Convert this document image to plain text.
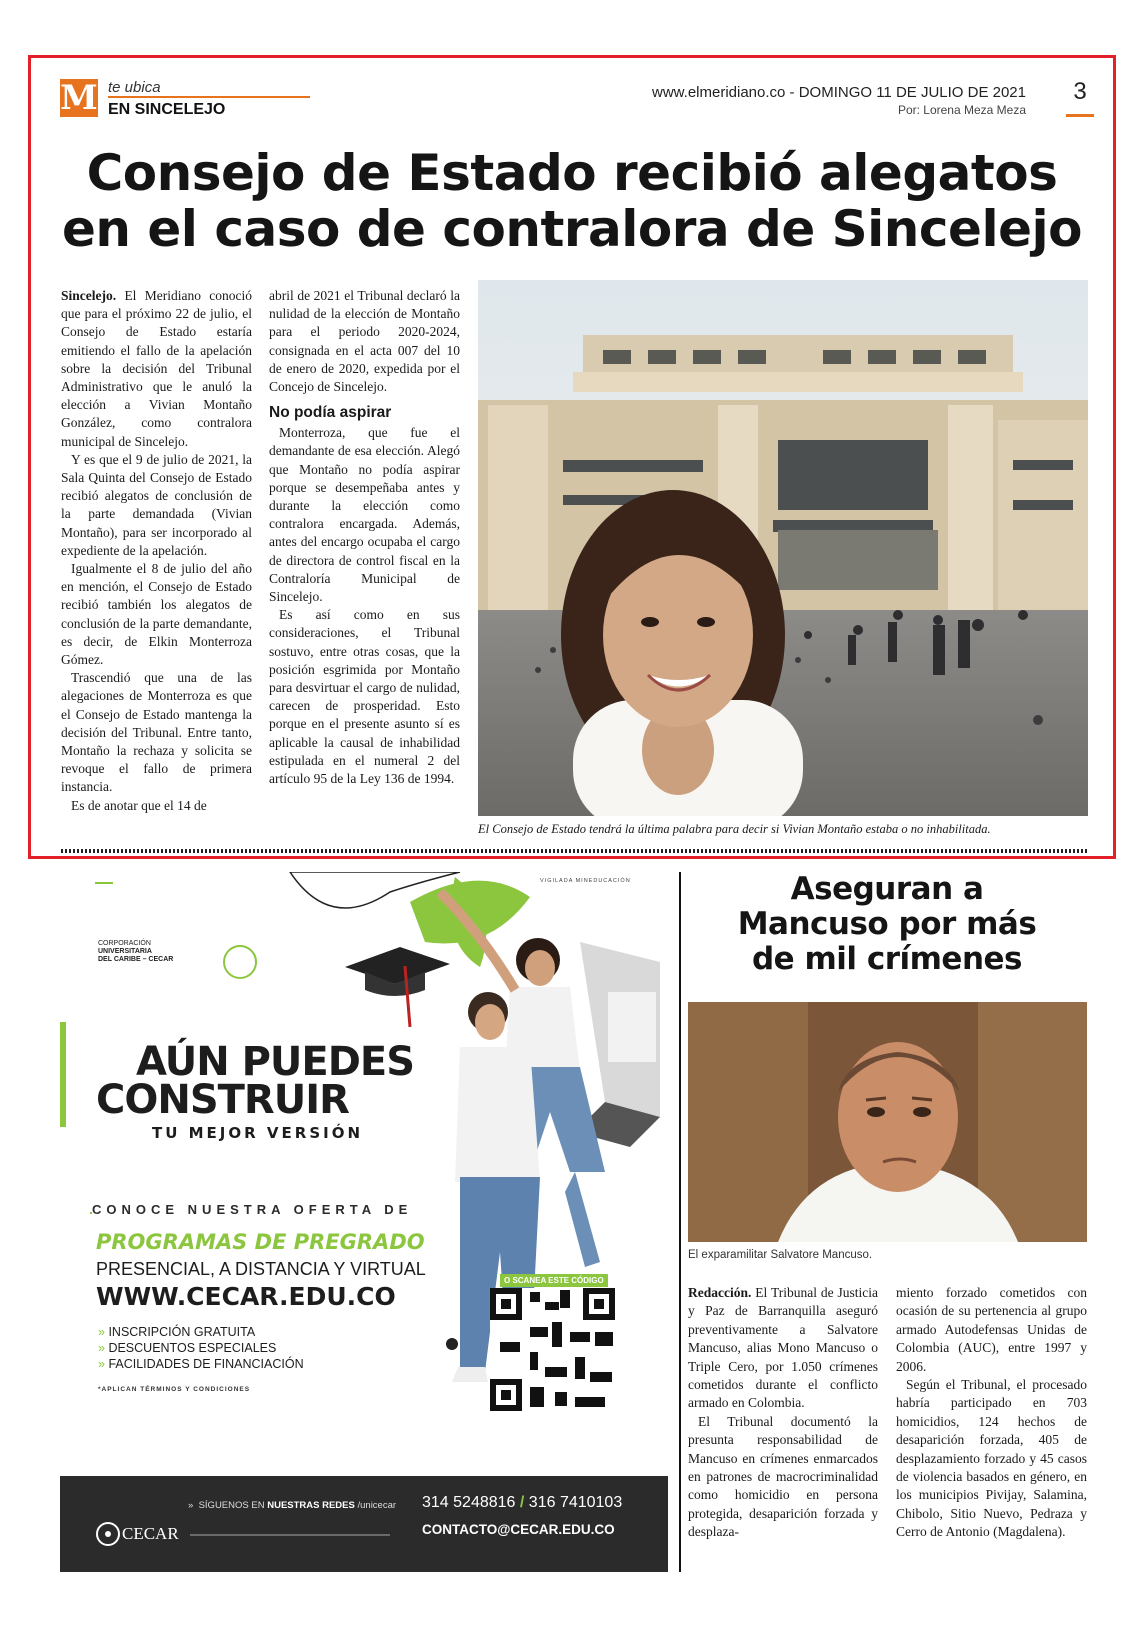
M te ubica
EN SINCELEJO
www.elmeridiano.co - DOMINGO 11 DE JULIO DE 2021
Por: Lorena Meza Meza
3
Consejo de Estado recibió alegatos
en el caso de contralora de Sincelejo

Sincelejo. El Meridiano conoció que para el próximo 22 de julio, el Consejo de Estado estaría emitiendo el fallo de la apelación sobre la decisión del Tribunal Administrativo que le anuló la elección a Vivian Montaño González, como contralora municipal de Sincelejo.

Y es que el 9 de julio de 2021, la Sala Quinta del Consejo de Estado recibió alegatos de conclusión de la parte demandada (Vivian Montaño), para ser incorporado al expediente de la apelación.

Igualmente el 8 de julio del año en mención, el Consejo de Estado recibió también los alegatos de conclusión de la parte demandante, es decir, de Elkin Monterroza Gómez.

Trascendió que una de las alegaciones de Monterroza es que el Consejo de Estado mantenga la decisión del Tribunal. Entre tanto, Montaño la rechaza y solicita se revoque el fallo de primera instancia.

Es de anotar que el 14 de

abril de 2021 el Tribunal declaró la nulidad de la elección de Montaño para el periodo 2020-2024, consignada en el acta 007 del 10 de enero de 2020, expedida por el Concejo de Sincelejo.

No podía aspirar

Monterroza, que fue el demandante de esa elección. Alegó que Montaño no podía aspirar porque se desempeñaba antes y durante la elección como contralora encargada. Además, antes del encargo ocupaba el cargo de directora de control fiscal en la Contraloría Municipal de Sincelejo.

Es así como en sus consideraciones, el Tribunal sostuvo, entre otras cosas, que la posición esgrimida por Montaño para desvirtuar el cargo de nulidad, carecen de prosperidad. Esto porque en el presente asunto sí es aplicable la causal de inhabilidad estipulada en el numeral 2 del artículo 95 de la Ley 136 de 1994.

El Consejo de Estado tendrá la última palabra para decir si Vivian Montaño estaba o no inhabilitada.
CORPORACIÓN
UNIVERSITARIA
DEL CARIBE – CECAR
VIGILADA MINEDUCACIÓN
AÚN PUEDES
CONSTRUIR
TU MEJOR VERSIÓN
CONOCE NUESTRA OFERTA DE
PROGRAMAS DE PREGRADO
PRESENCIAL, A DISTANCIA Y VIRTUAL
WWW.CECAR.EDU.CO
» INSCRIPCIÓN GRATUITA
» DESCUENTOS ESPECIALES
» FACILIDADES DE FINANCIACIÓN
*APLICAN TÉRMINOS Y CONDICIONES
O SCANEA ESTE CÓDIGO
CECAR
» SÍGUENOS EN NUESTRAS REDES /unicecar 314 5248816 / 316 7410103
CONTACTO@CECAR.EDU.CO
Aseguran a
Mancuso por más
de mil crímenes
El exparamilitar Salvatore Mancuso.

Redacción. El Tribunal de Justicia y Paz de Barranquilla aseguró preventivamente a Salvatore Mancuso, alias Mono Mancuso o Triple Cero, por 1.050 crímenes cometidos durante el conflicto armado en Colombia.

El Tribunal documentó la presunta responsabilidad de Mancuso en crímenes enmarcados en patrones de macrocriminalidad como homicidio en persona protegida, desaparición forzada y desplaza-

miento forzado cometidos con ocasión de su pertenencia al grupo armado Autodefensas Unidas de Colombia (AUC), entre 1997 y 2006.

Según el Tribunal, el procesado habría participado en 703 homicidios, 124 hechos de desaparición forzada, 405 de desplazamiento forzado y 45 casos de violencia basados en género, en los municipios Pivijay, Salamina, Chibolo, Sitio Nuevo, Pedraza y Cerro de Antonio (Magdalena).
